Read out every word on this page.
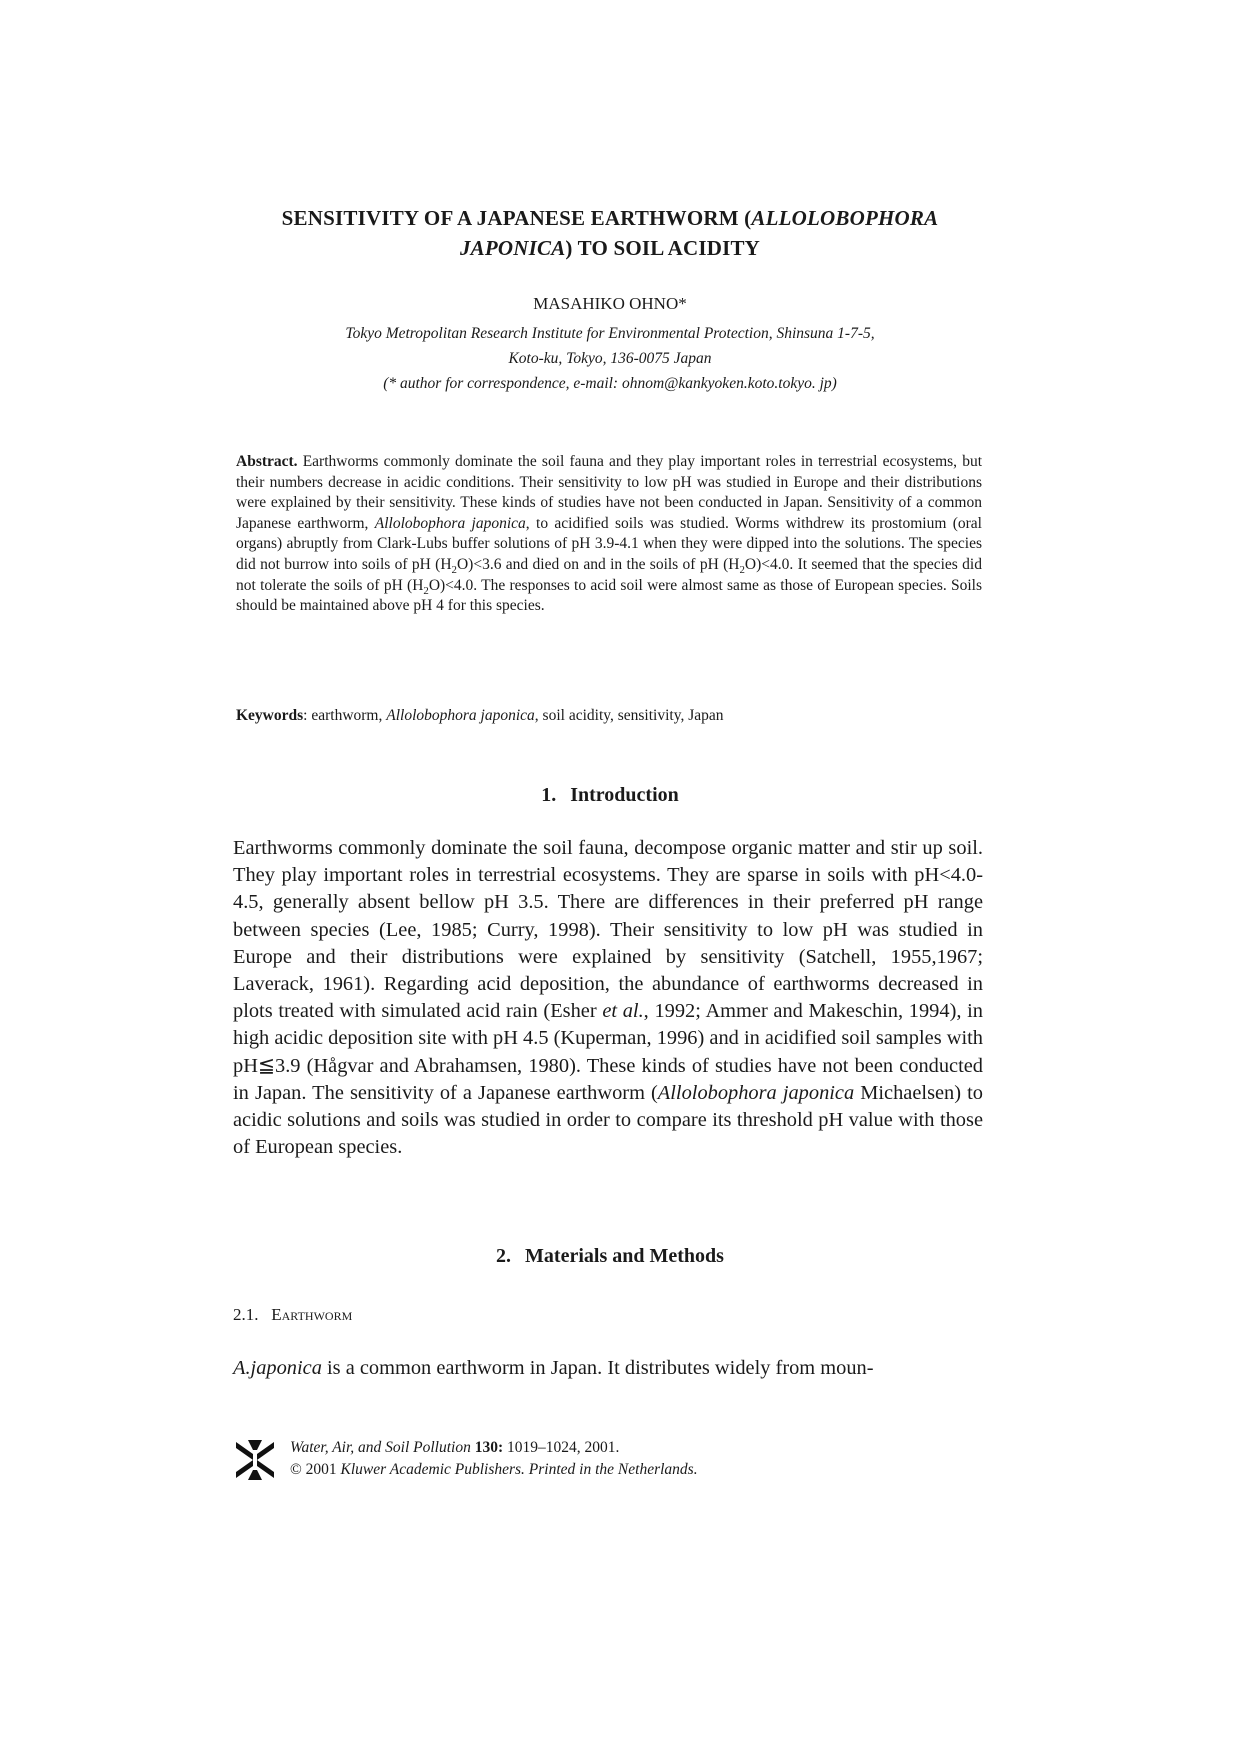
SENSITIVITY OF A JAPANESE EARTHWORM (ALLOLOBOPHORA
JAPONICA) TO SOIL ACIDITY
MASAHIKO OHNO*
Tokyo Metropolitan Research Institute for Environmental Protection, Shinsuna 1-7-5,
Koto-ku, Tokyo, 136-0075 Japan
(* author for correspondence, e-mail: ohnom@kankyoken.koto.tokyo. jp)
Abstract. Earthworms commonly dominate the soil fauna and they play important roles in terrestrial ecosystems, but their numbers decrease in acidic conditions. Their sensitivity to low pH was studied in Europe and their distributions were explained by their sensitivity. These kinds of studies have not been conducted in Japan. Sensitivity of a common Japanese earthworm, Allolobophora japonica, to acidified soils was studied. Worms withdrew its prostomium (oral organs) abruptly from Clark-Lubs buffer solutions of pH 3.9-4.1 when they were dipped into the solutions. The species did not burrow into soils of pH $(H_2O)<3.6$ and died on and in the soils of pH $(H_2O)<4.0$. It seemed that the species did not tolerate the soils of pH $(H_2O)<4.0$. The responses to acid soil were almost same as those of European species. Soils should be maintained above pH 4 for this species.
Keywords: earthworm, Allolobophora japonica, soil acidity, sensitivity, Japan
1. Introduction
Earthworms commonly dominate the soil fauna, decompose organic matter and stir up soil. They play important roles in terrestrial ecosystems. They are sparse in soils with pH<4.0-4.5, generally absent bellow pH 3.5. There are differences in their preferred pH range between species (Lee, 1985; Curry, 1998). Their sensitivity to low pH was studied in Europe and their distributions were explained by sensitivity (Satchell, 1955,1967; Laverack, 1961). Regarding acid deposition, the abundance of earthworms decreased in plots treated with simulated acid rain (Esher et al., 1992; Ammer and Makeschin, 1994), in high acidic deposition site with pH 4.5 (Kuperman, 1996) and in acidified soil samples with pH≦3.9 (Hågvar and Abrahamsen, 1980). These kinds of studies have not been conducted in Japan. The sensitivity of a Japanese earthworm (Allolobophora japonica Michaelsen) to acidic solutions and soils was studied in order to compare its threshold pH value with those of European species.
2. Materials and Methods
2.1. Earthworm
A.japonica is a common earthworm in Japan. It distributes widely from moun-
Water, Air, and Soil Pollution 130: 1019–1024, 2001.
© 2001 Kluwer Academic Publishers. Printed in the Netherlands.
